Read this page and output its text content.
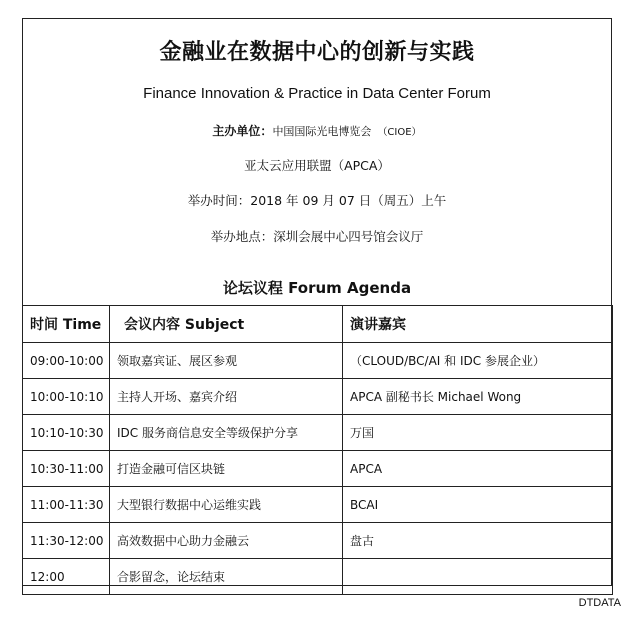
金融业在数据中心的创新与实践
Finance Innovation & Practice in Data Center Forum
主办单位：中国国际光电博览会 （CIOE）
亚太云应用联盟（APCA）
举办时间：2018 年 09 月 07 日（周五）上午
举办地点：深圳会展中心四号馆会议厅
论坛议程 Forum Agenda
时间 Time	会议内容 Subject	演讲嘉宾
09:00-10:00	领取嘉宾证、展区参观	（CLOUD/BC/AI 和 IDC 参展企业）
10:00-10:10	主持人开场、嘉宾介绍	APCA 副秘书长 Michael Wong
10:10-10:30	IDC 服务商信息安全等级保护分享	万国
10:30-11:00	打造金融可信区块链	APCA
11:00-11:30	大型银行数据中心运维实践	BCAI
11:30-12:00	高效数据中心助力金融云	盘古
12:00	合影留念，论坛结束	
DTDATA
